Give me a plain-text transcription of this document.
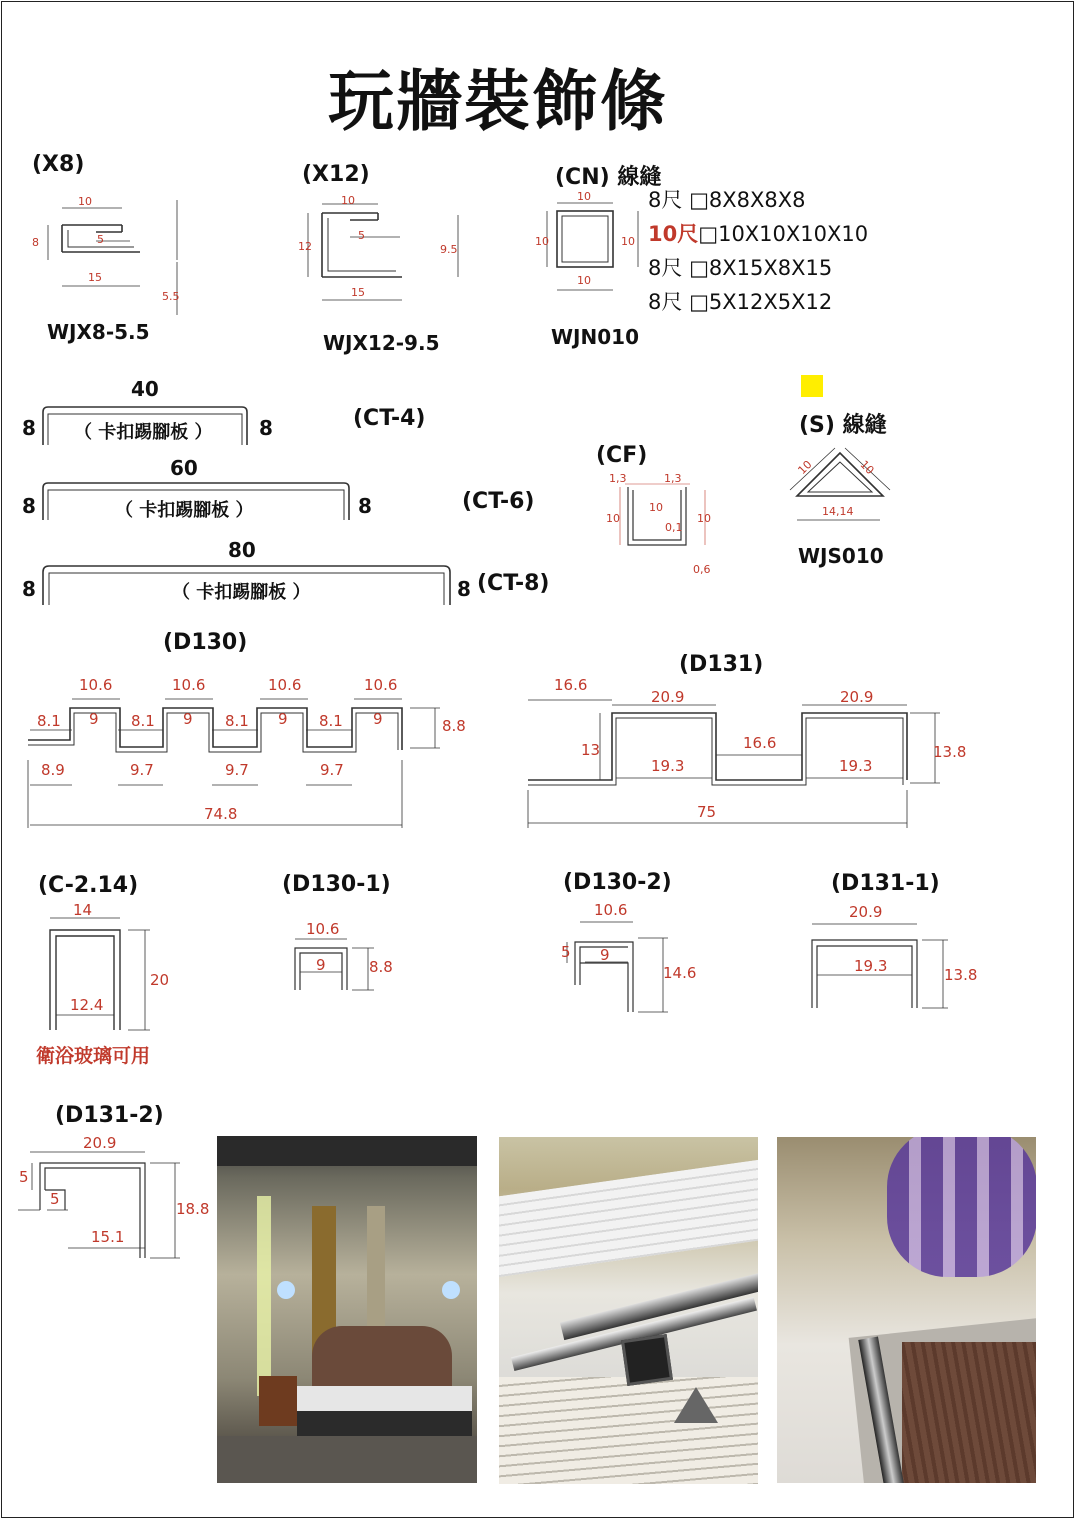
玩牆裝飾條
(X8)
10
8	5
15
5.5
WJX8-5.5
(X12)
10
12
5
15
9.5
WJX12-9.5
(CN) 線縫
10
10	10
10
WJN010
8尺 □8X8X8X8
10尺□10X10X10X10
8尺 □8X15X8X15
8尺 □5X12X5X12
40
8	8
（ 卡扣踢腳板 ）
(CT-4)
60
8	8
（ 卡扣踢腳板 ）	(CT-6)
80
8	8
（ 卡扣踢腳板 ）	(CT-8)
(CF)
1,3	1,3
10
10	10
0,1
0,6
(S) 線縫
10	10
14,14
WJS010
(D130)
10.6	10.6	10.6	10.6
9	9	9	9
8.1	8.1	8.1	8.1	8.8
8.9	9.7	9.7	9.7
74.8
(D131)
16.6
20.9	20.9
13	16.6
19.3	19.3
13.8
75
(C-2.14)
14
20
12.4
衛浴玻璃可用
(D130-1)
10.6
9	8.8
(D130-2)
10.6
5 9
14.6
(D131-1)
20.9
19.3	13.8
(D131-2)
20.9
5
5
15.1
18.8
